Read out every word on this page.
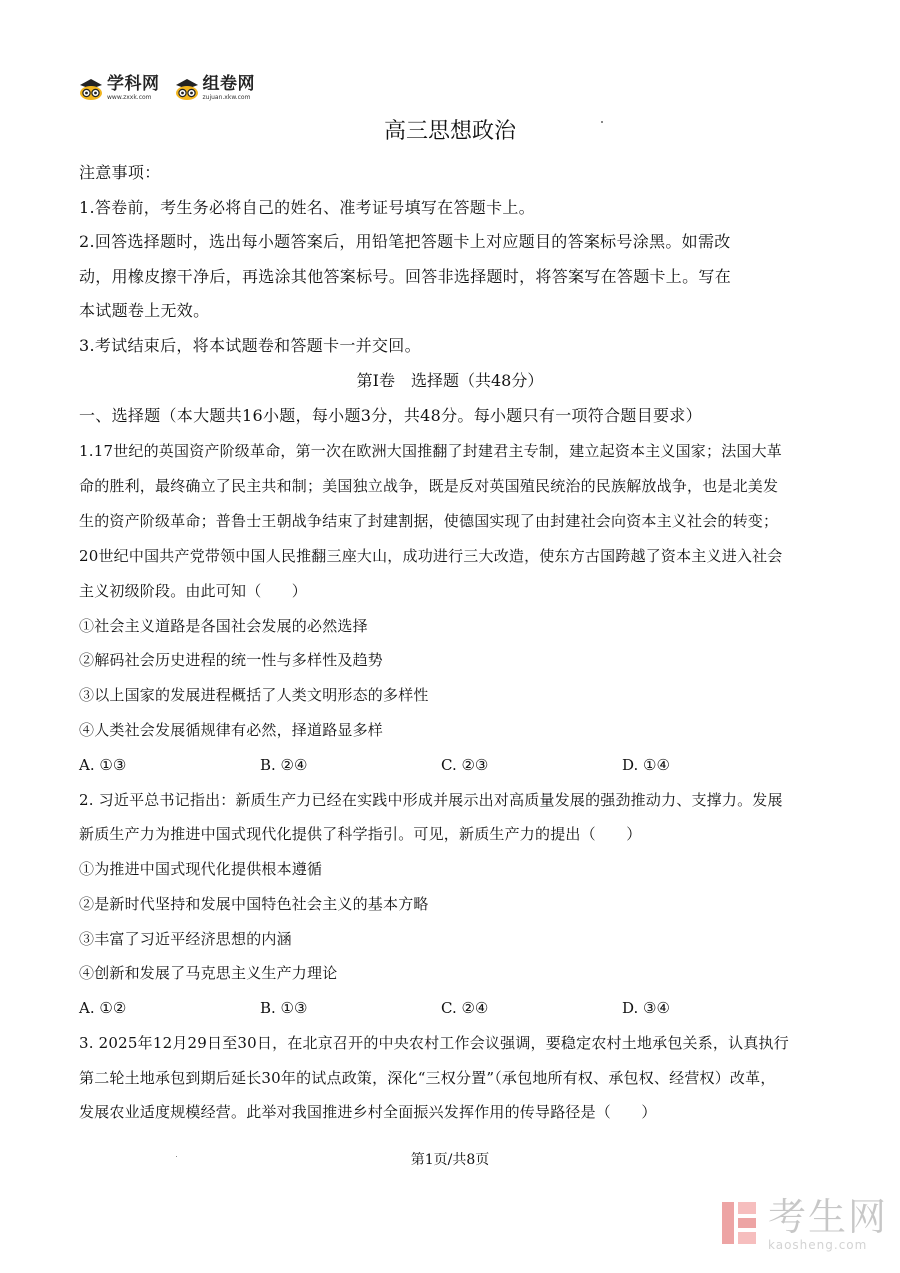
学科网
www.zxxk.com
组卷网
zujuan.xkw.com
高三思想政治
注意事项：
1.答卷前，考生务必将自己的姓名、准考证号填写在答题卡上。
2.回答选择题时，选出每小题答案后，用铅笔把答题卡上对应题目的答案标号涂黑。如需改
动，用橡皮擦干净后，再选涂其他答案标号。回答非选择题时，将答案写在答题卡上。写在
本试题卷上无效。
3.考试结束后，将本试题卷和答题卡一并交回。
第Ⅰ卷　选择题（共48分）
一、选择题（本大题共16小题，每小题3分，共48分。每小题只有一项符合题目要求）
1.17世纪的英国资产阶级革命，第一次在欧洲大国推翻了封建君主专制，建立起资本主义国家；法国大革
命的胜利，最终确立了民主共和制；美国独立战争，既是反对英国殖民统治的民族解放战争，也是北美发
生的资产阶级革命；普鲁士王朝战争结束了封建割据，使德国实现了由封建社会向资本主义社会的转变；
20世纪中国共产党带领中国人民推翻三座大山，成功进行三大改造，使东方古国跨越了资本主义进入社会
主义初级阶段。由此可知（　　）
①社会主义道路是各国社会发展的必然选择
②解码社会历史进程的统一性与多样性及趋势
③以上国家的发展进程概括了人类文明形态的多样性
④人类社会发展循规律有必然，择道路显多样
A. ①③	B. ②④	C. ②③	D. ①④
2. 习近平总书记指出：新质生产力已经在实践中形成并展示出对高质量发展的强劲推动力、支撑力。发展
新质生产力为推进中国式现代化提供了科学指引。可见，新质生产力的提出（　　）
①为推进中国式现代化提供根本遵循
②是新时代坚持和发展中国特色社会主义的基本方略
③丰富了习近平经济思想的内涵
④创新和发展了马克思主义生产力理论
A. ①②	B. ①③	C. ②④	D. ③④
3. 2025年12月29日至30日，在北京召开的中央农村工作会议强调，要稳定农村土地承包关系，认真执行
第二轮土地承包到期后延长30年的试点政策，深化“三权分置”（承包地所有权、承包权、经营权）改革，
发展农业适度规模经营。此举对我国推进乡村全面振兴发挥作用的传导路径是（　　）
第1页/共8页
考生网
kaosheng.com
